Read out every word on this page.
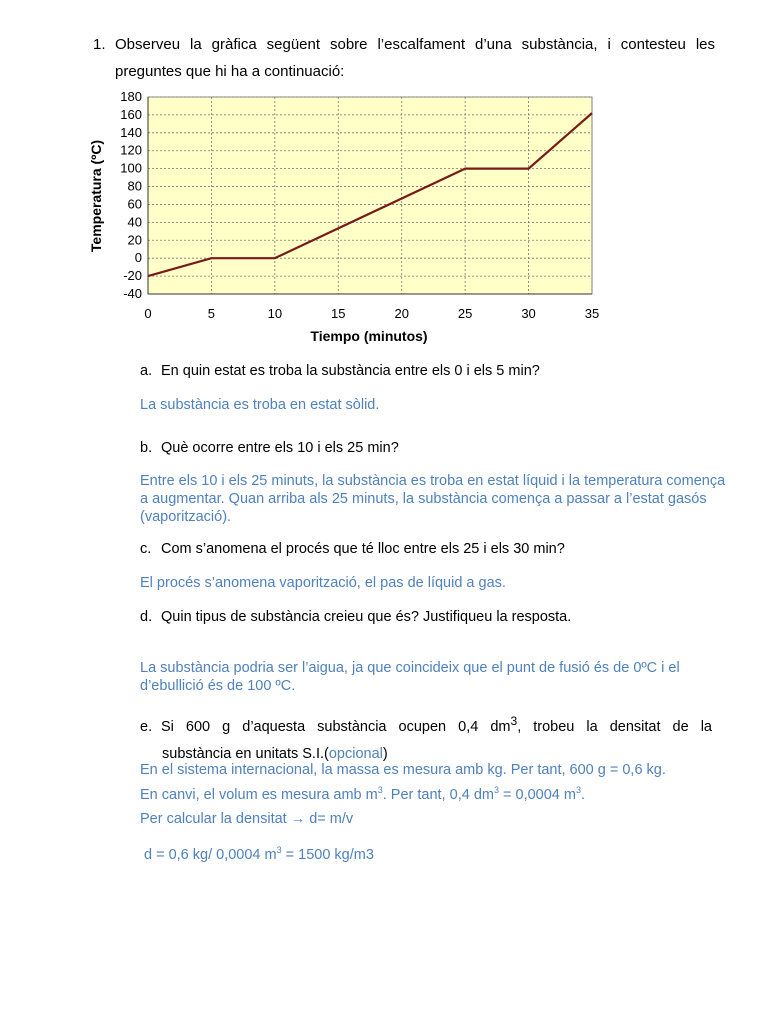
1. Observeu la gràfica següent sobre l’escalfament d’una substància, i contesteu les preguntes que hi ha a continuació:
-40
-20
0
20
40
60
80
100
120
140
160
180
0	5	10	15	20	25	30	35
Tiempo (minutos)
Temperatura (ºC)
a. En quin estat es troba la substància entre els 0 i els 5 min?
La substància es troba en estat sòlid.
b. Què ocorre entre els 10 i els 25 min?
Entre els 10 i els 25 minuts, la substància es troba en estat líquid i la temperatura comença a augmentar. Quan arriba als 25 minuts, la substància comença a passar a l’estat gasós (vaporització).
c. Com s’anomena el procés que té lloc entre els 25 i els 30 min?
El procés s’anomena vaporització, el pas de líquid a gas.
d. Quin tipus de substància creieu que és? Justifiqueu la resposta.
La substància podria ser l’aigua, ja que coincideix que el punt de fusió és de 0ºC i el d’ebullició és de 100 ºC.
e. Si 600 g d’aquesta substància ocupen 0,4 $dm^3$, trobeu la densitat de la
substància en unitats S.I.(opcional)
En el sistema internacional, la massa es mesura amb kg. Per tant, 600 g = 0,6 kg.
En canvi, el volum es mesura amb $m^3$. Per tant, 0,4 $dm^3 = 0,0004$ $m^3$.
Per calcular la densitat → d= m/v
d = 0,6 kg/ 0,0004 $m^3 = 1500$ kg/m3
